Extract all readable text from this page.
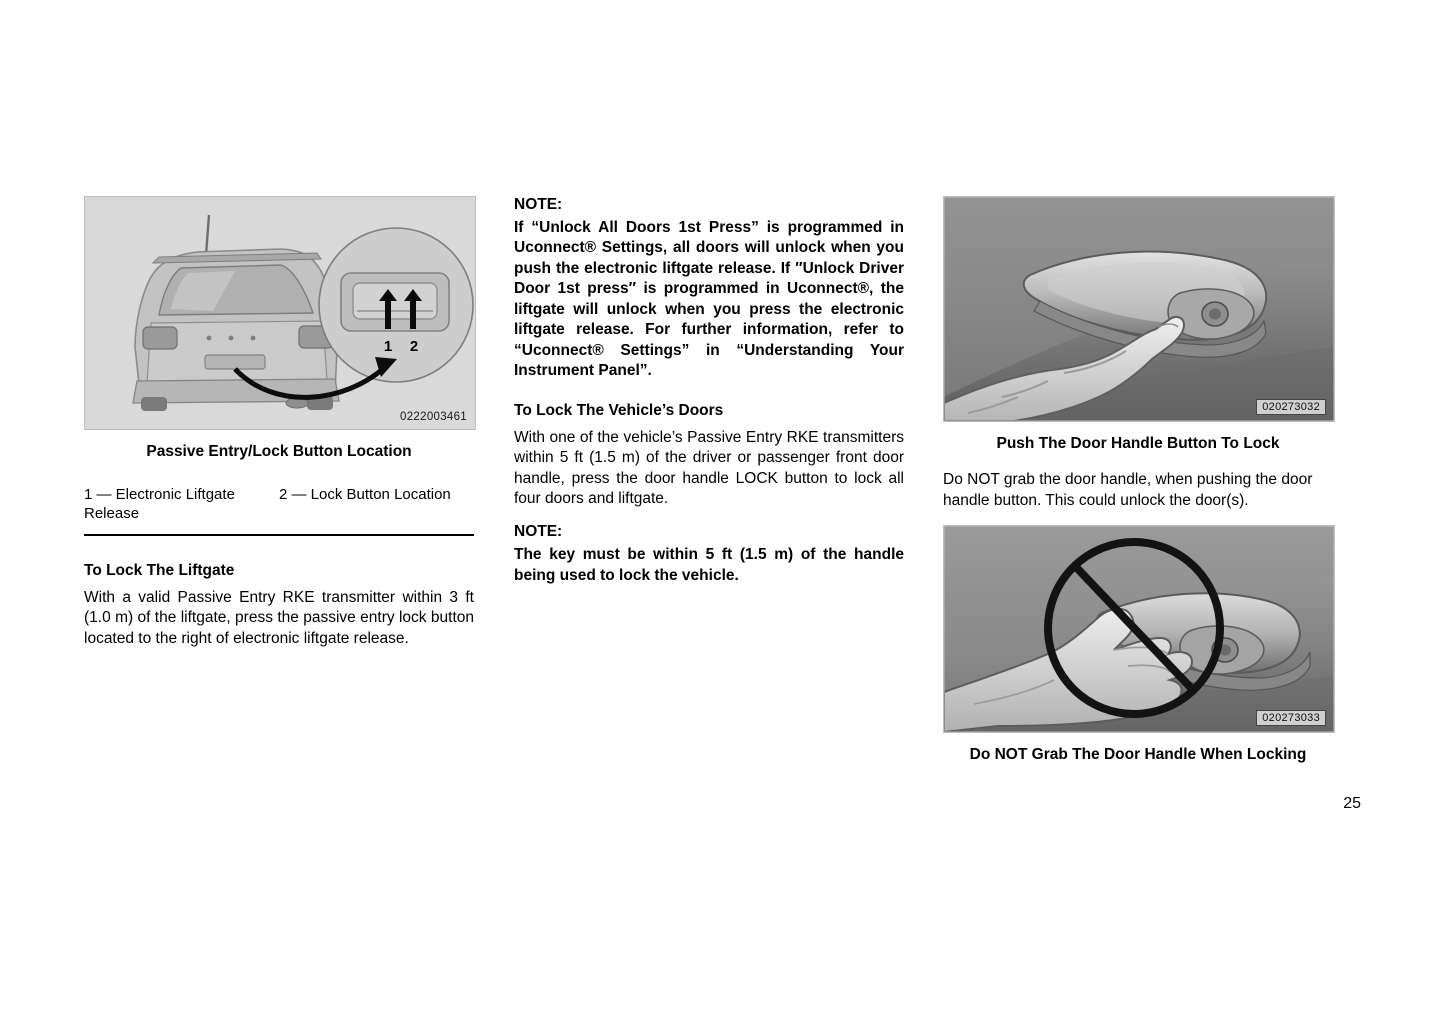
1 2
0222003461
Passive Entry/Lock Button Location
1 — Electronic Liftgate Release
2 — Lock Button Location
To Lock The Liftgate

With a valid Passive Entry RKE transmitter within 3 ft (1.0 m) of the liftgate, press the passive entry lock button located to the right of electronic liftgate release.

NOTE:

If “Unlock All Doors 1st Press” is programmed in Uconnect® Settings, all doors will unlock when you push the electronic liftgate release. If ″Unlock Driver Door 1st press″ is programmed in Uconnect®, the liftgate will unlock when you press the electronic liftgate release. For further information, refer to “Uconnect® Settings” in “Understanding Your Instrument Panel”.

To Lock The Vehicle’s Doors

With one of the vehicle’s Passive Entry RKE transmitters within 5 ft (1.5 m) of the driver or passenger front door handle, press the door handle LOCK button to lock all four doors and liftgate.

NOTE:

The key must be within 5 ft (1.5 m) of the handle being used to lock the vehicle.

020273032
Push The Door Handle Button To Lock

Do NOT grab the door handle, when pushing the door handle button. This could unlock the door(s).

020273033
Do NOT Grab The Door Handle When Locking
25
